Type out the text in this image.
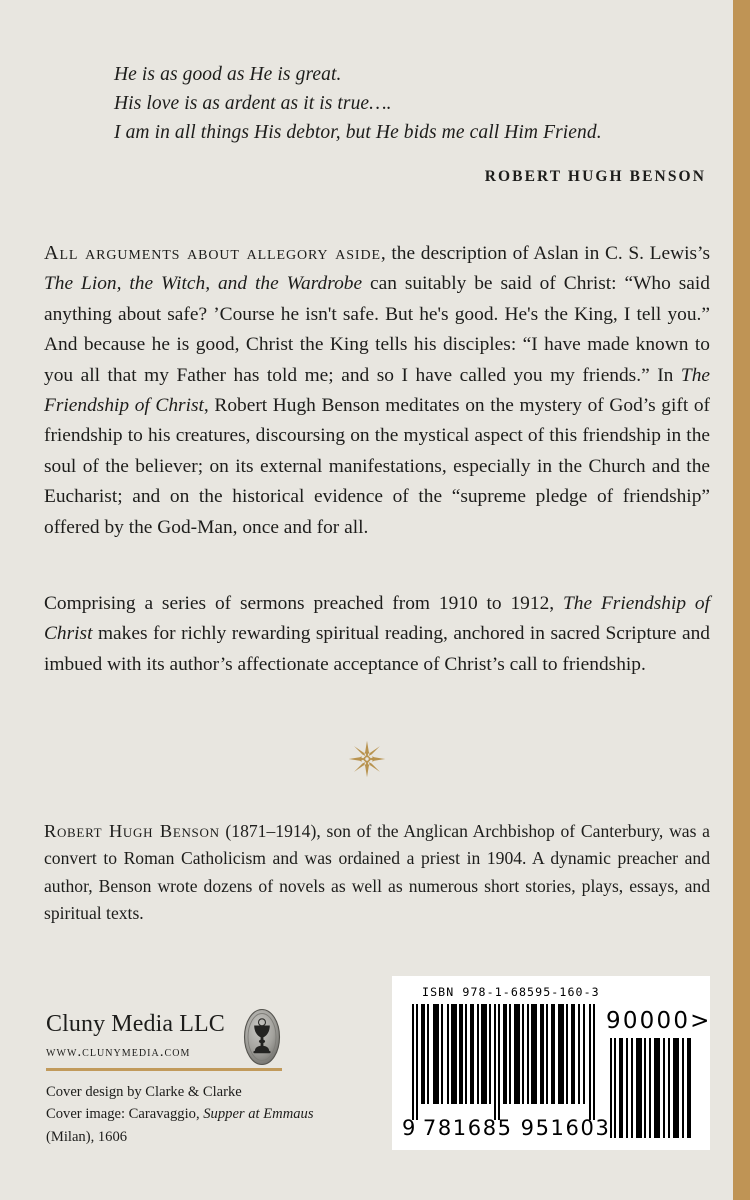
He is as good as He is great.
His love is as ardent as it is true….
I am in all things His debtor, but He bids me call Him Friend.
ROBERT HUGH BENSON
All arguments about allegory aside, the description of Aslan in C. S. Lewis’s The Lion, the Witch, and the Wardrobe can suitably be said of Christ: “Who said anything about safe? ’Course he isn't safe. But he's good. He's the King, I tell you.” And because he is good, Christ the King tells his disciples: “I have made known to you all that my Father has told me; and so I have called you my friends.” In The Friendship of Christ, Robert Hugh Benson meditates on the mystery of God’s gift of friendship to his creatures, discoursing on the mystical aspect of this friendship in the soul of the believer; on its external manifestations, especially in the Church and the Eucharist; and on the historical evidence of the “supreme pledge of friendship” offered by the God-Man, once and for all.
Comprising a series of sermons preached from 1910 to 1912, The Friendship of Christ makes for richly rewarding spiritual reading, anchored in sacred Scripture and imbued with its author’s affectionate acceptance of Christ’s call to friendship.
Robert Hugh Benson (1871–1914), son of the Anglican Archbishop of Canterbury, was a convert to Roman Catholicism and was ordained a priest in 1904. A dynamic preacher and author, Benson wrote dozens of novels as well as numerous short stories, plays, essays, and spiritual texts.
Cluny Media LLC
www.clunymedia.com
Cover design by Clarke & Clarke
Cover image: Caravaggio, Supper at Emmaus
(Milan), 1606
ISBN 978-1-68595-160-3
9 781685 951603
90000>
